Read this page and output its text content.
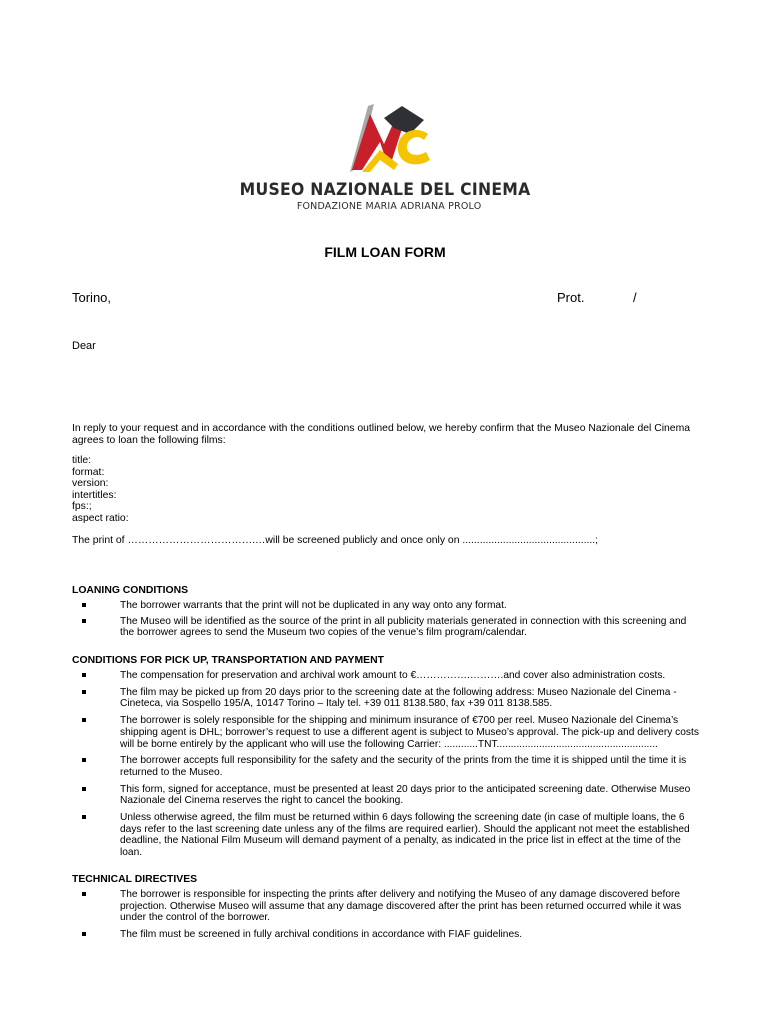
MUSEO NAZIONALE DEL CINEMA
FONDAZIONE MARIA ADRIANA PROLO
FILM LOAN FORM
Torino,	Prot.	/
Dear
In reply to your request and in accordance with the conditions outlined below, we hereby confirm that the Museo Nazionale del Cinema agrees to loan the following films:
title:
format:
version:
intertitles:
fps:;
aspect ratio:
The print of ……………………………….…will be screened publicly and once only on ..............................................;
LOANING CONDITIONS
The borrower warrants that the print will not be duplicated in any way onto any format.
The Museo will be identified as the source of the print in all publicity materials generated in connection with this screening and the borrower agrees to send the Museum two copies of the venue’s film program/calendar.
CONDITIONS FOR PICK UP, TRANSPORTATION AND PAYMENT
The compensation for preservation and archival work amount to €…………….……….and cover also administration costs.
The film may be picked up from 20 days prior to the screening date at the following address: Museo Nazionale del Cinema - Cineteca, via Sospello 195/A, 10147 Torino – Italy tel. +39 011 8138.580, fax +39 011 8138.585.
The borrower is solely responsible for the shipping and minimum insurance of €700 per reel. Museo Nazionale del Cinema’s shipping agent is DHL; borrower’s request to use a different agent is subject to Museo’s approval. The pick-up and delivery costs will be borne entirely by the applicant who will use the following Carrier: ............TNT.........................................................
The borrower accepts full responsibility for the safety and the security of the prints from the time it is shipped until the time it is returned to the Museo.
This form, signed for acceptance, must be presented at least 20 days prior to the anticipated screening date. Otherwise Museo Nazionale del Cinema reserves the right to cancel the booking.
Unless otherwise agreed, the film must be returned within 6 days following the screening date (in case of multiple loans, the 6 days refer to the last screening date unless any of the films are required earlier). Should the applicant not meet the established deadline, the National Film Museum will demand payment of a penalty, as indicated in the price list in effect at the time of the loan.
TECHNICAL DIRECTIVES
The borrower is responsible for inspecting the prints after delivery and notifying the Museo of any damage discovered before projection. Otherwise Museo will assume that any damage discovered after the print has been returned occurred while it was under the control of the borrower.
The film must be screened in fully archival conditions in accordance with FIAF guidelines.
